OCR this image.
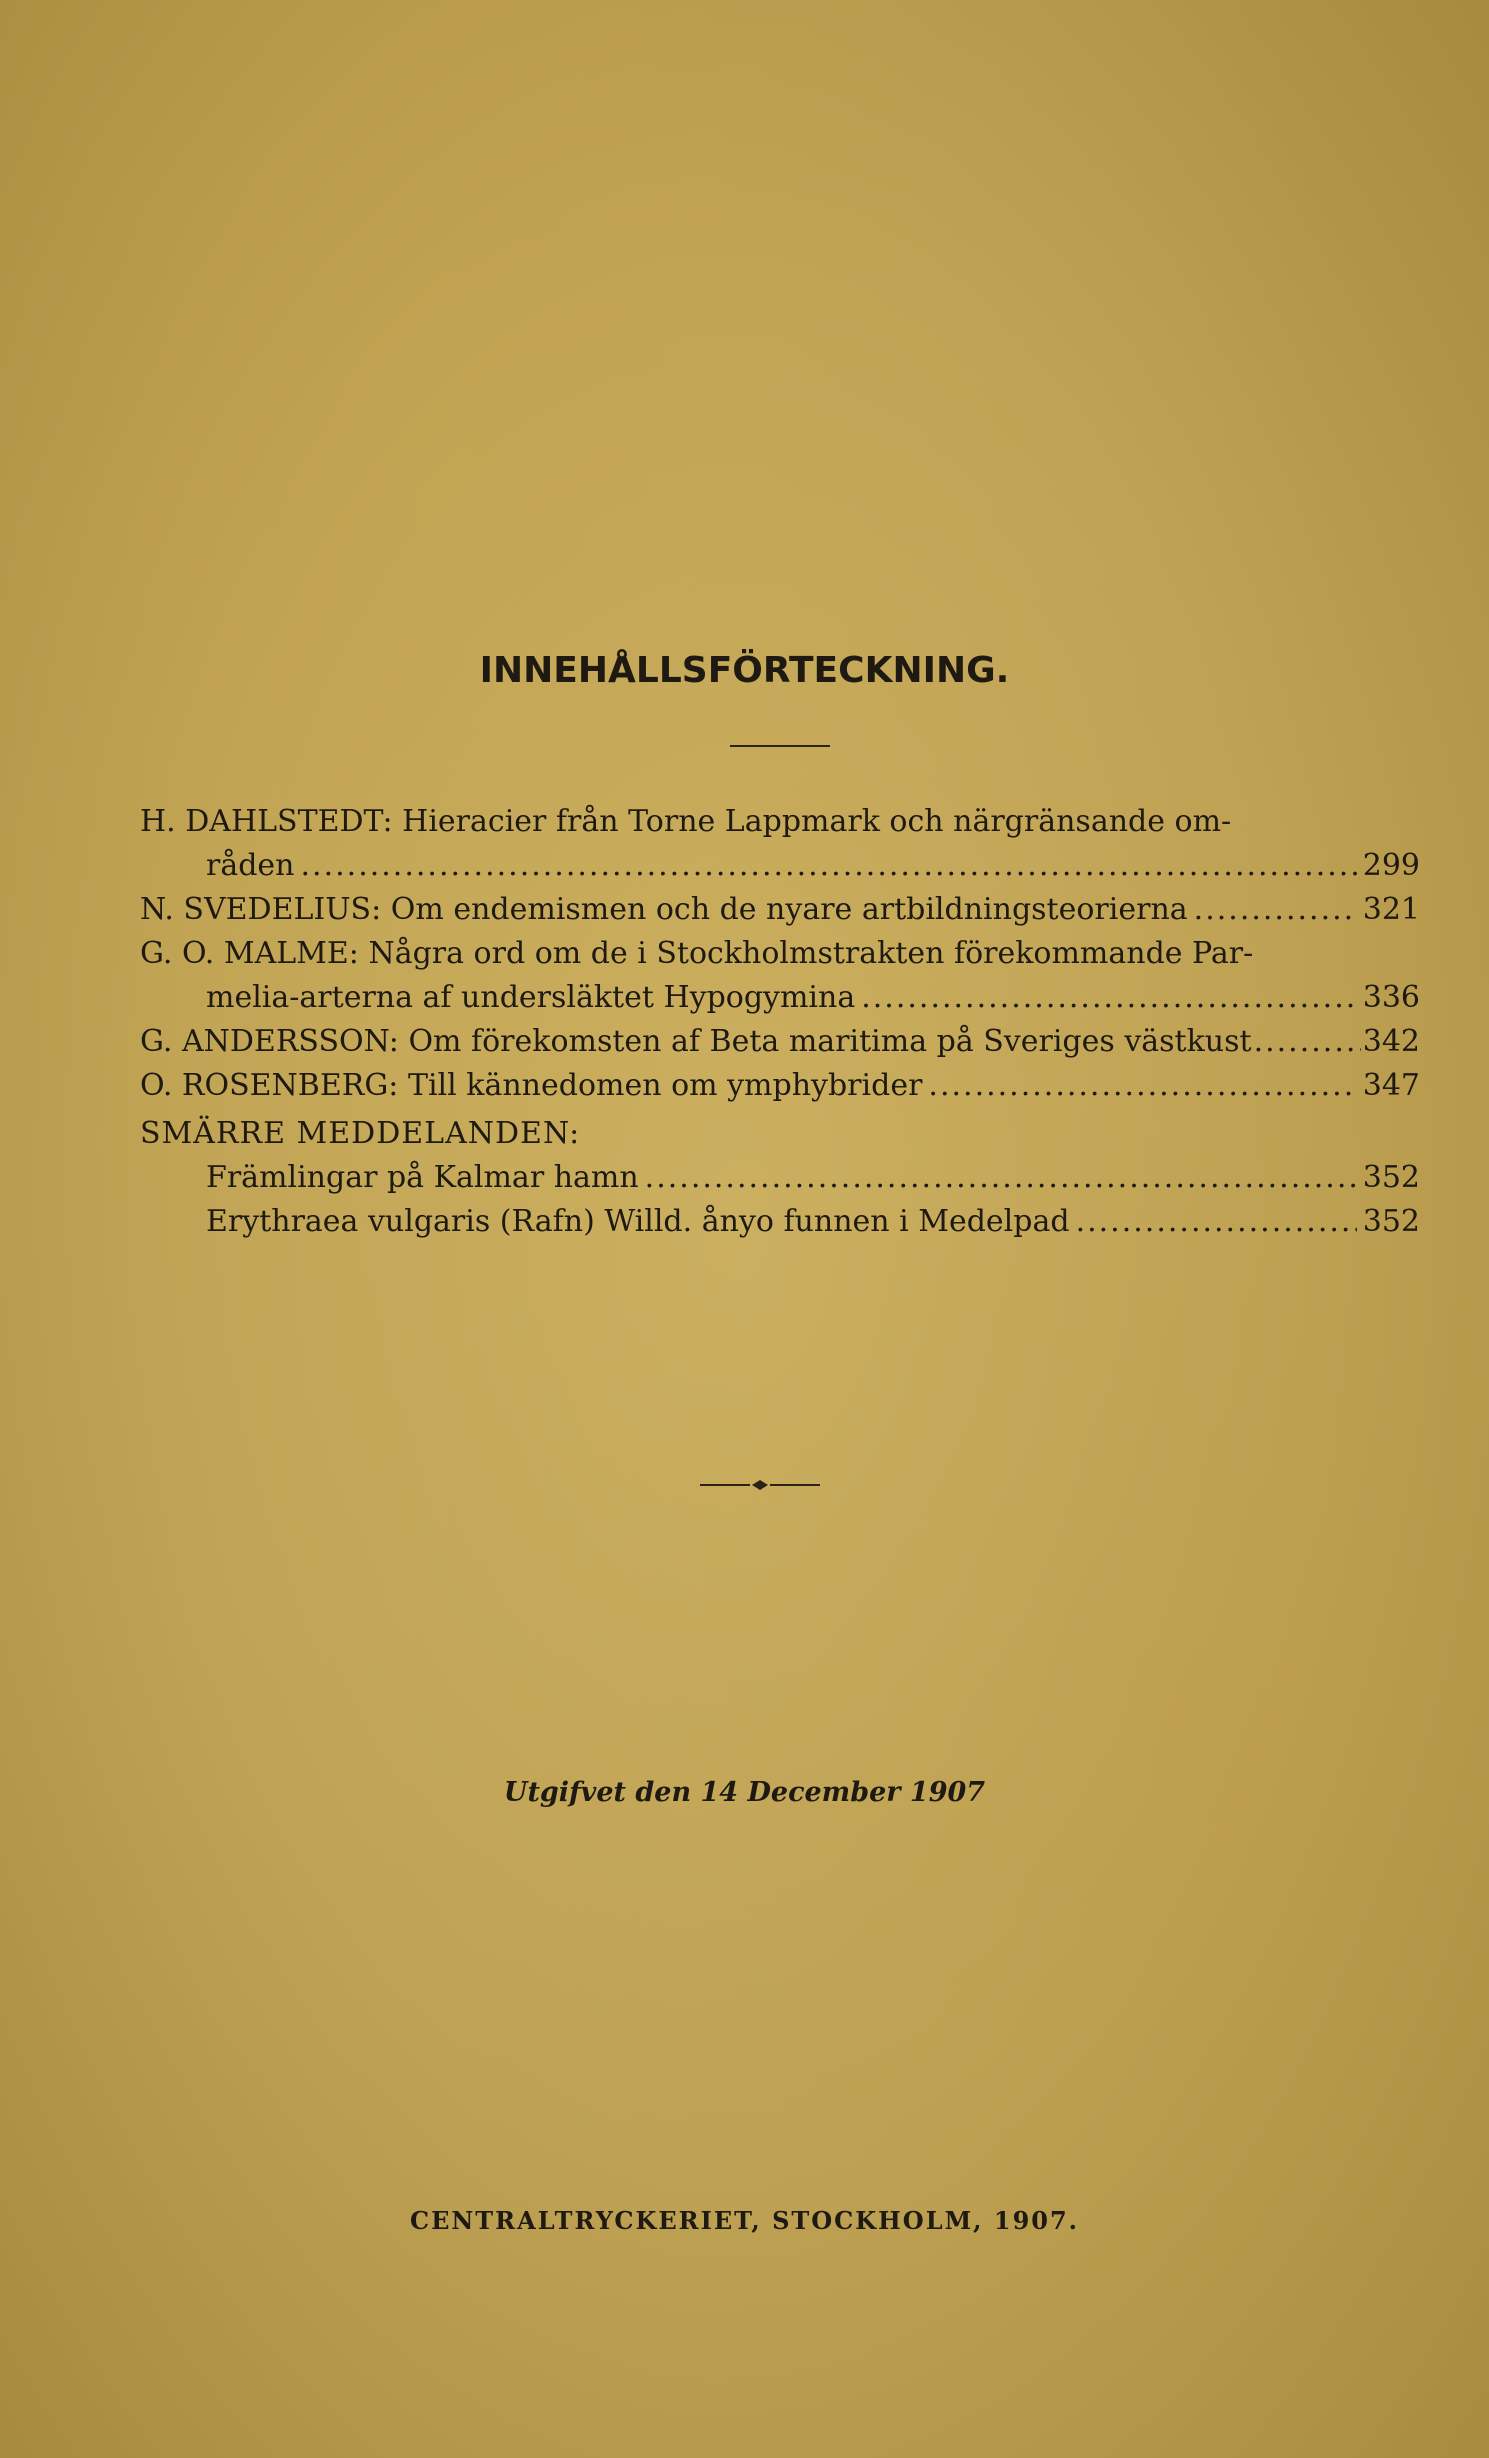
INNEHÅLLSFÖRTECKNING.
H. DAHLSTEDT:
Hieracier från Torne Lappmark och närgränsande om-
råden .....	299
N. SVEDELIUS:
Om endemismen och de nyare artbildningsteorierna .....	321
G. O. MALME:
Några ord om de i Stockholmstrakten förekommande Par-
melia-arterna af undersläktet Hypogymina .....	336
G. ANDERSSON:
Om förekomsten af Beta maritima på Sveriges västkust .....	342
O. ROSENBERG:
Till kännedomen om ymphybrider .....	347
SMÄRRE MEDDELANDEN:
Främlingar på Kalmar hamn .....	352
Erythraea vulgaris (Rafn) Willd. ånyo funnen i Medelpad .....	352
Utgifvet den 14 December 1907
CENTRALTRYCKERIET, STOCKHOLM, 1907.
